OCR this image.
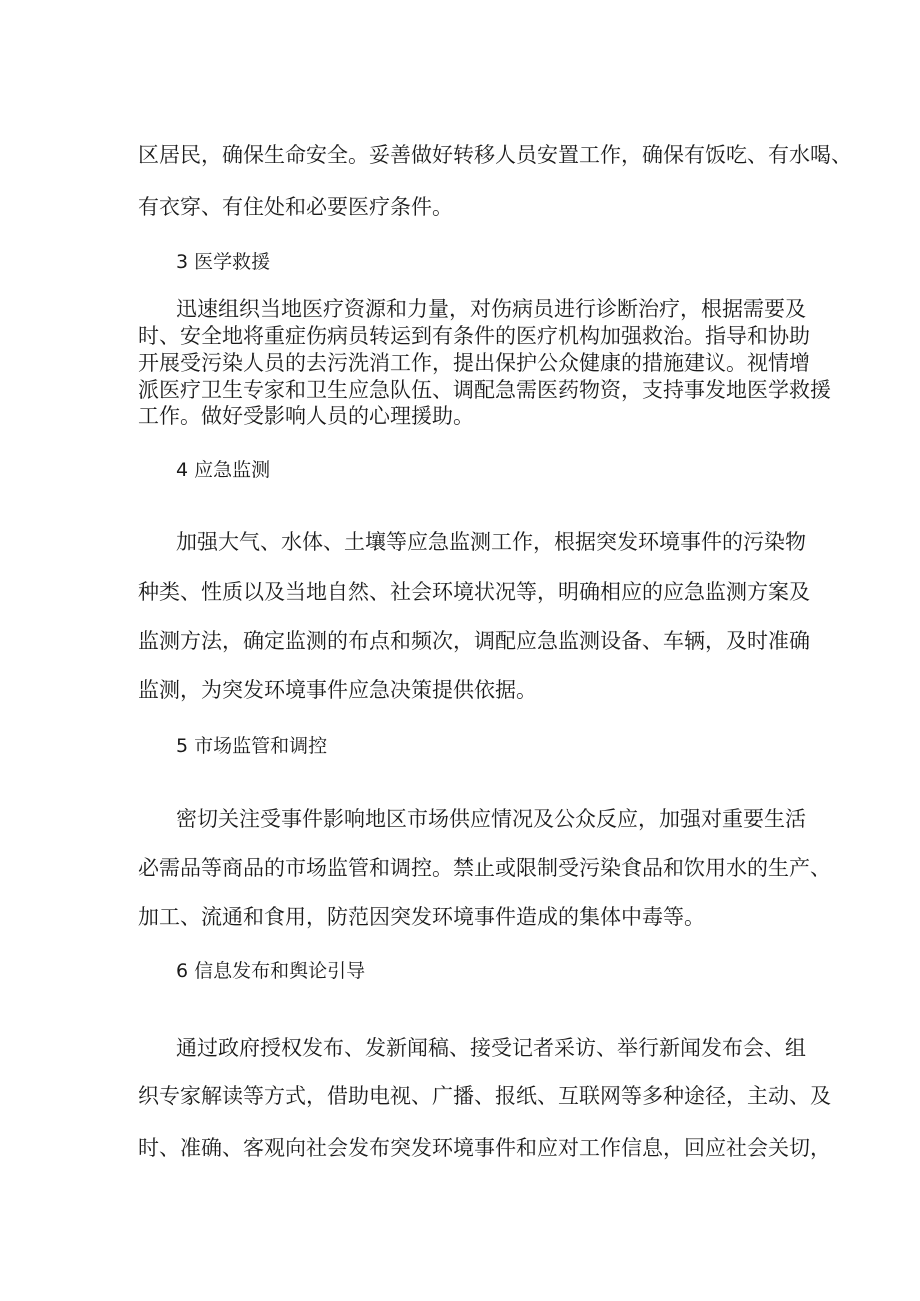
区居民，确保生命安全。妥善做好转移人员安置工作，确保有饭吃、有水喝、
有衣穿、有住处和必要医疗条件。
3 医学救援
迅速组织当地医疗资源和力量，对伤病员进行诊断治疗，根据需要及
时、安全地将重症伤病员转运到有条件的医疗机构加强救治。指导和协助
开展受污染人员的去污洗消工作，提出保护公众健康的措施建议。视情增
派医疗卫生专家和卫生应急队伍、调配急需医药物资，支持事发地医学救援
工作。做好受影响人员的心理援助。
4 应急监测
加强大气、水体、土壤等应急监测工作，根据突发环境事件的污染物
种类、性质以及当地自然、社会环境状况等，明确相应的应急监测方案及
监测方法，确定监测的布点和频次，调配应急监测设备、车辆，及时准确
监测，为突发环境事件应急决策提供依据。
5 市场监管和调控
密切关注受事件影响地区市场供应情况及公众反应，加强对重要生活
必需品等商品的市场监管和调控。禁止或限制受污染食品和饮用水的生产、
加工、流通和食用，防范因突发环境事件造成的集体中毒等。
6 信息发布和舆论引导
通过政府授权发布、发新闻稿、接受记者采访、举行新闻发布会、组
织专家解读等方式，借助电视、广播、报纸、互联网等多种途径，主动、及
时、准确、客观向社会发布突发环境事件和应对工作信息，回应社会关切，
